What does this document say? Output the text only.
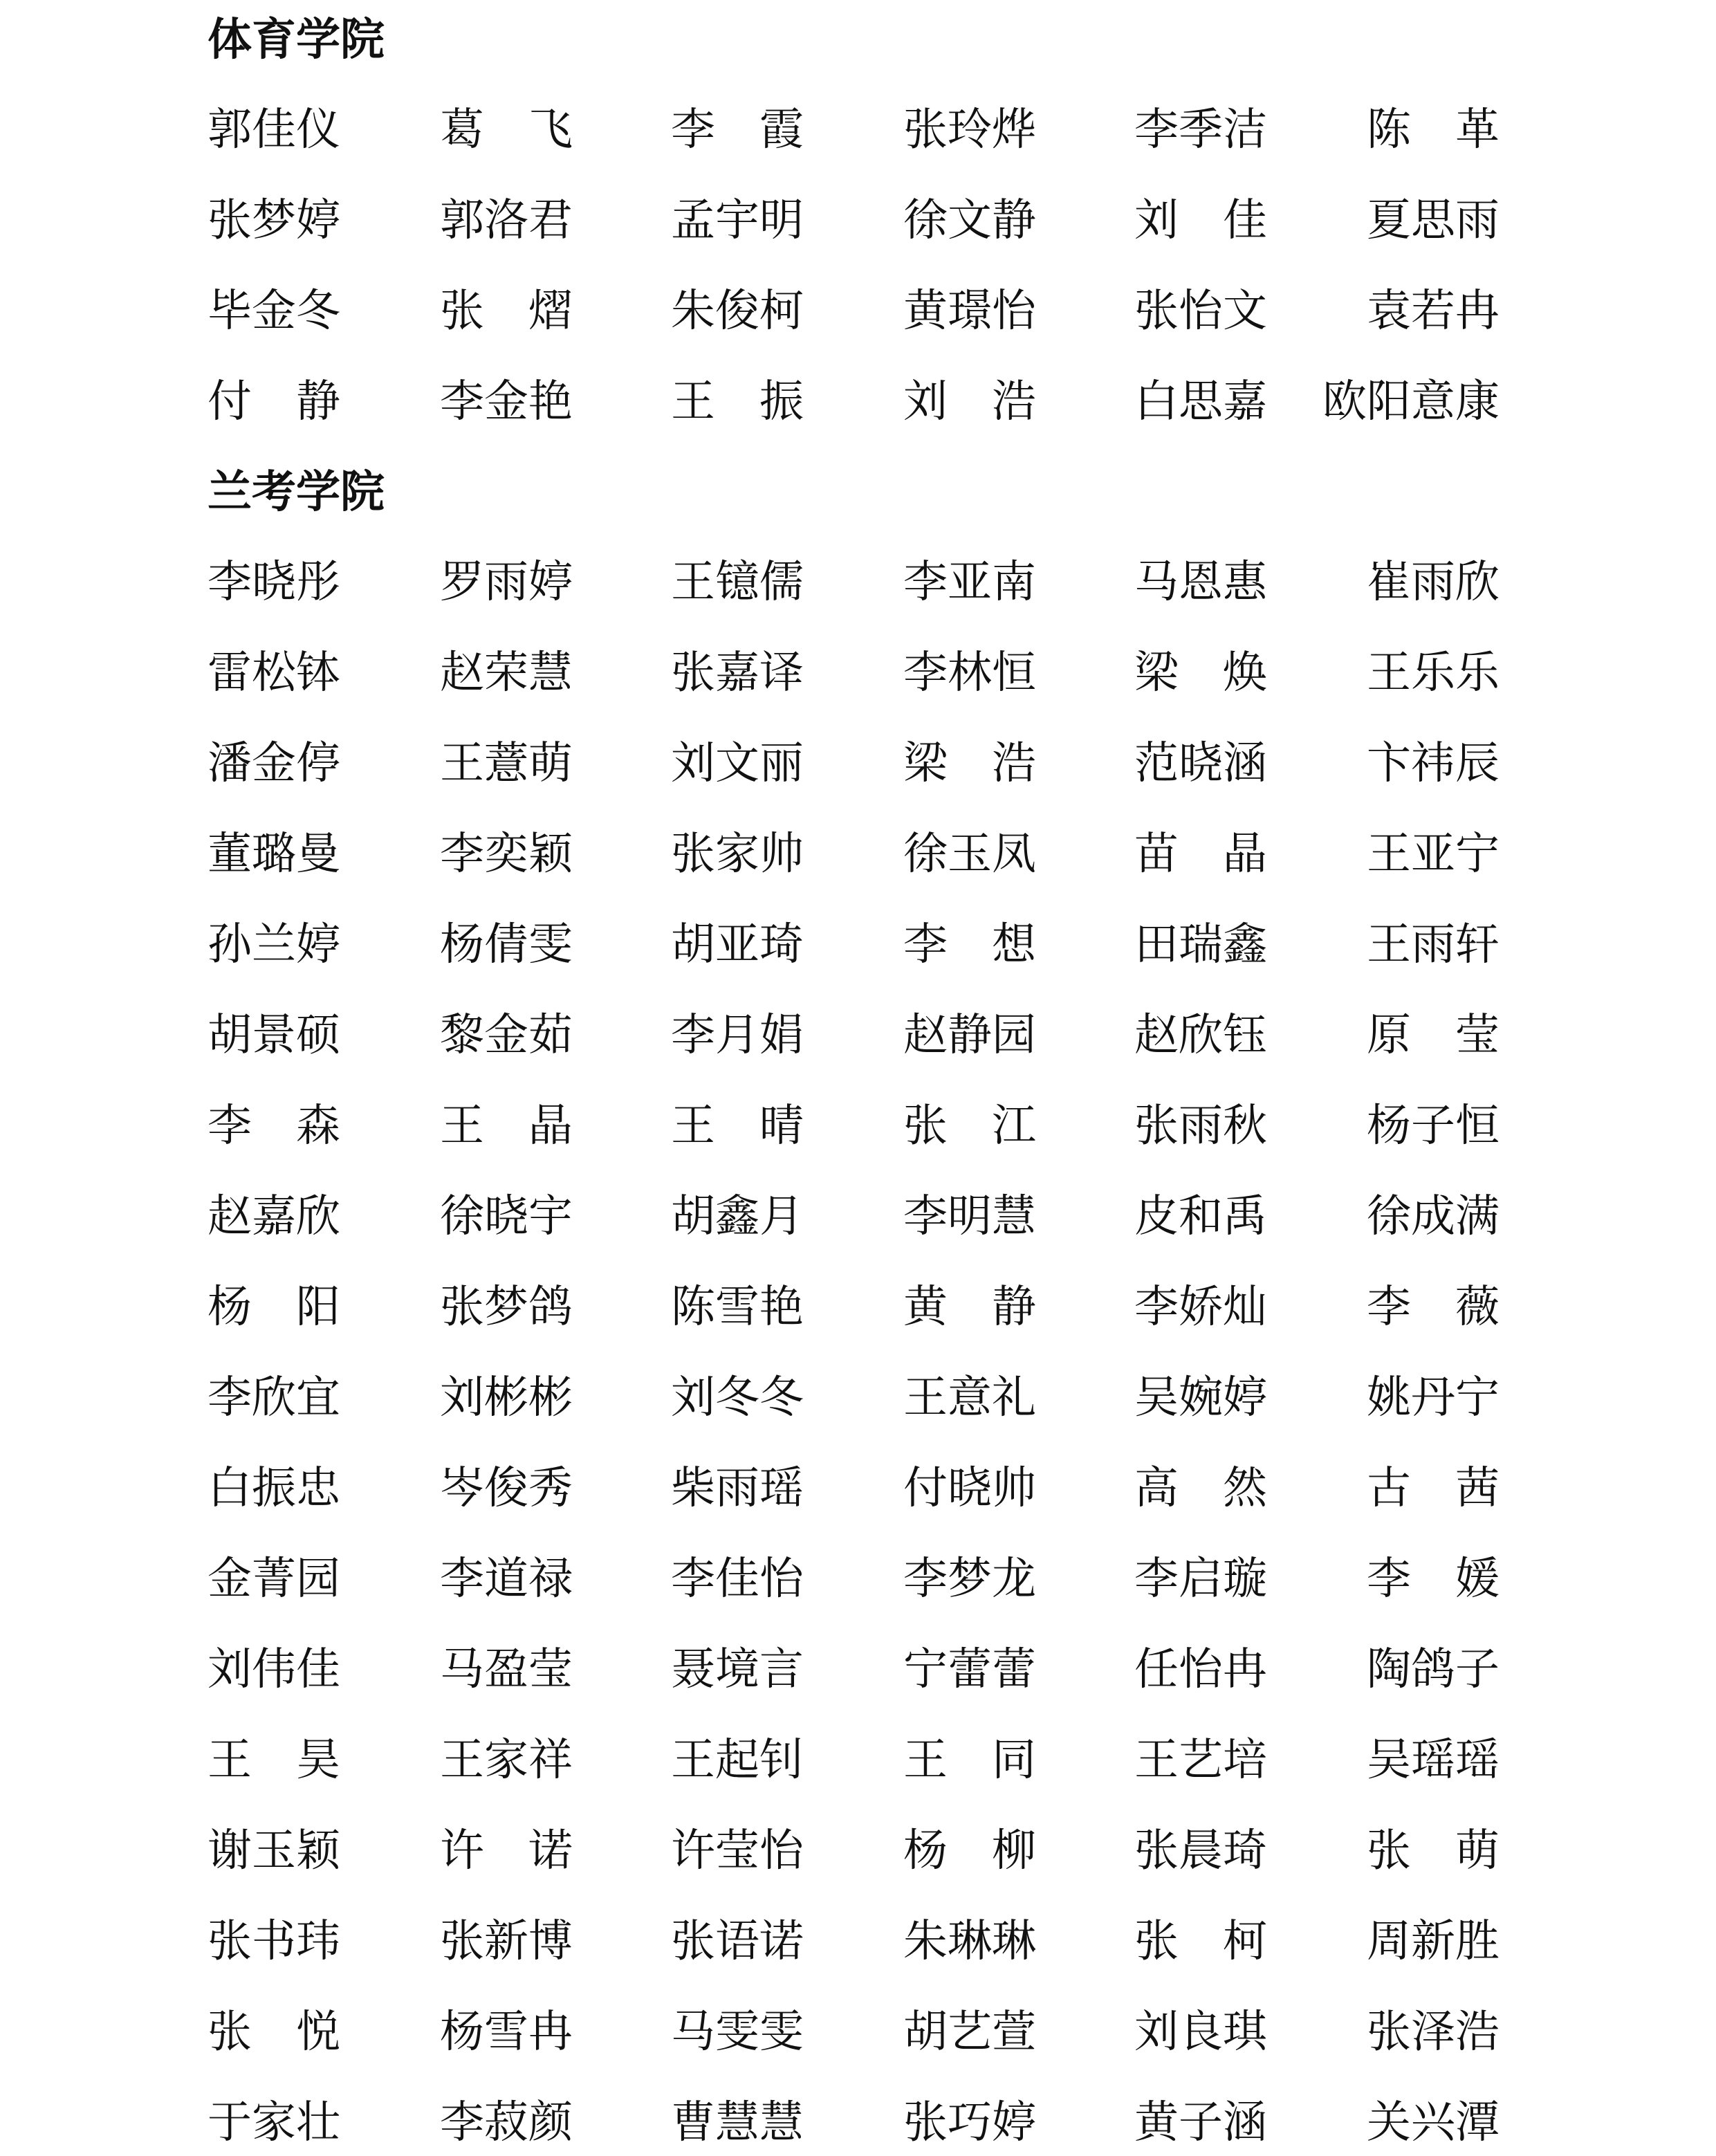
体育学院
郭佳仪 葛　飞 李　霞 张玲烨 李季洁 陈　革
张梦婷 郭洛君 孟宇明 徐文静 刘　佳 夏思雨
毕金冬 张　熠 朱俊柯 黄璟怡 张怡文 袁若冉
付　静 李金艳 王　振 刘　浩 白思嘉 欧阳意康
兰考学院
李晓彤 罗雨婷 王镱儒 李亚南 马恩惠 崔雨欣
雷松钵 赵荣慧 张嘉译 李林恒 梁　焕 王乐乐
潘金停 王薏萌 刘文丽 梁　浩 范晓涵 卞祎辰
董璐曼 李奕颖 张家帅 徐玉凤 苗　晶 王亚宁
孙兰婷 杨倩雯 胡亚琦 李　想 田瑞鑫 王雨轩
胡景硕 黎金茹 李月娟 赵静园 赵欣钰 原　莹
李　森 王　晶 王　晴 张　江 张雨秋 杨子恒
赵嘉欣 徐晓宇 胡鑫月 李明慧 皮和禹 徐成满
杨　阳 张梦鸽 陈雪艳 黄　静 李娇灿 李　薇
李欣宜 刘彬彬 刘冬冬 王意礼 吴婉婷 姚丹宁
白振忠 岑俊秀 柴雨瑶 付晓帅 高　然 古　茜
金菁园 李道禄 李佳怡 李梦龙 李启璇 李　媛
刘伟佳 马盈莹 聂境言 宁蕾蕾 任怡冉 陶鸽子
王　昊 王家祥 王起钊 王　同 王艺培 吴瑶瑶
谢玉颖 许　诺 许莹怡 杨　柳 张晨琦 张　萌
张书玮 张新博 张语诺 朱琳琳 张　柯 周新胜
张　悦 杨雪冉 马雯雯 胡艺萱 刘良琪 张泽浩
于家壮 李菽颜 曹慧慧 张巧婷 黄子涵 关兴潭
